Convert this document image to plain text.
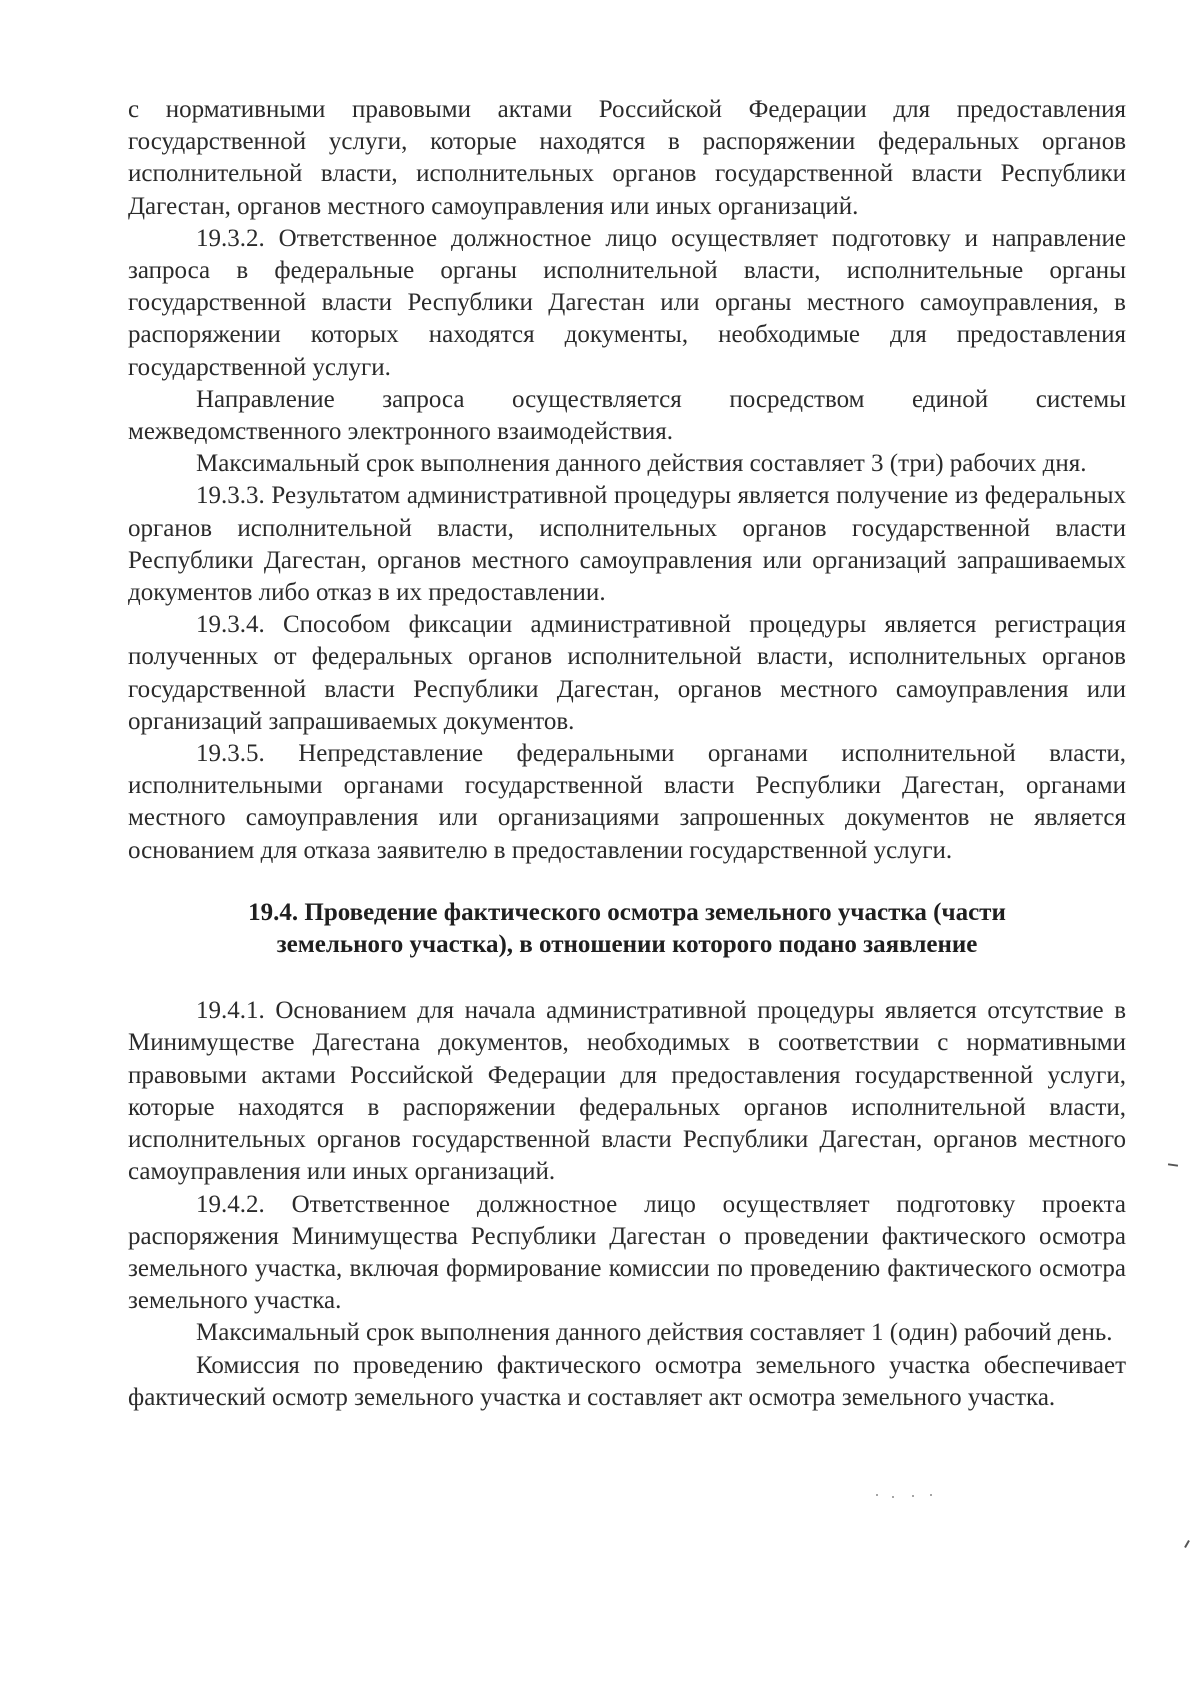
с нормативными правовыми актами Российской Федерации для предоставления государственной услуги, которые находятся в распоряжении федеральных органов исполнительной власти, исполнительных органов государственной власти Республики Дагестан, органов местного самоуправления или иных организаций.

19.3.2. Ответственное должностное лицо осуществляет подготовку и направление запроса в федеральные органы исполнительной власти, исполнительные органы государственной власти Республики Дагестан или органы местного самоуправления, в распоряжении которых находятся документы, необходимые для предоставления государственной услуги.

Направление запроса осуществляется посредством единой системы межведомственного электронного взаимодействия.

Максимальный срок выполнения данного действия составляет 3 (три) рабочих дня.

19.3.3. Результатом административной процедуры является получение из федеральных органов исполнительной власти, исполнительных органов государственной власти Республики Дагестан, органов местного самоуправления или организаций запрашиваемых документов либо отказ в их предоставлении.

19.3.4. Способом фиксации административной процедуры является регистрация полученных от федеральных органов исполнительной власти, исполнительных органов государственной власти Республики Дагестан, органов местного самоуправления или организаций запрашиваемых документов.

19.3.5. Непредставление федеральными органами исполнительной власти, исполнительными органами государственной власти Республики Дагестан, органами местного самоуправления или организациями запрошенных документов не является основанием для отказа заявителю в предоставлении государственной услуги.

19.4. Проведение фактического осмотра земельного участка (части
земельного участка), в отношении которого подано заявление

19.4.1. Основанием для начала административной процедуры является отсутствие в Минимуществе Дагестана документов, необходимых в соответствии с нормативными правовыми актами Российской Федерации для предоставления государственной услуги, которые находятся в распоряжении федеральных органов исполнительной власти, исполнительных органов государственной власти Республики Дагестан, органов местного самоуправления или иных организаций.

19.4.2. Ответственное должностное лицо осуществляет подготовку проекта распоряжения Минимущества Республики Дагестан о проведении фактического осмотра земельного участка, включая формирование комиссии по проведению фактического осмотра земельного участка.

Максимальный срок выполнения данного действия составляет 1 (один) рабочий день.

Комиссия по проведению фактического осмотра земельного участка обеспечивает фактический осмотр земельного участка и составляет акт осмотра земельного участка.
